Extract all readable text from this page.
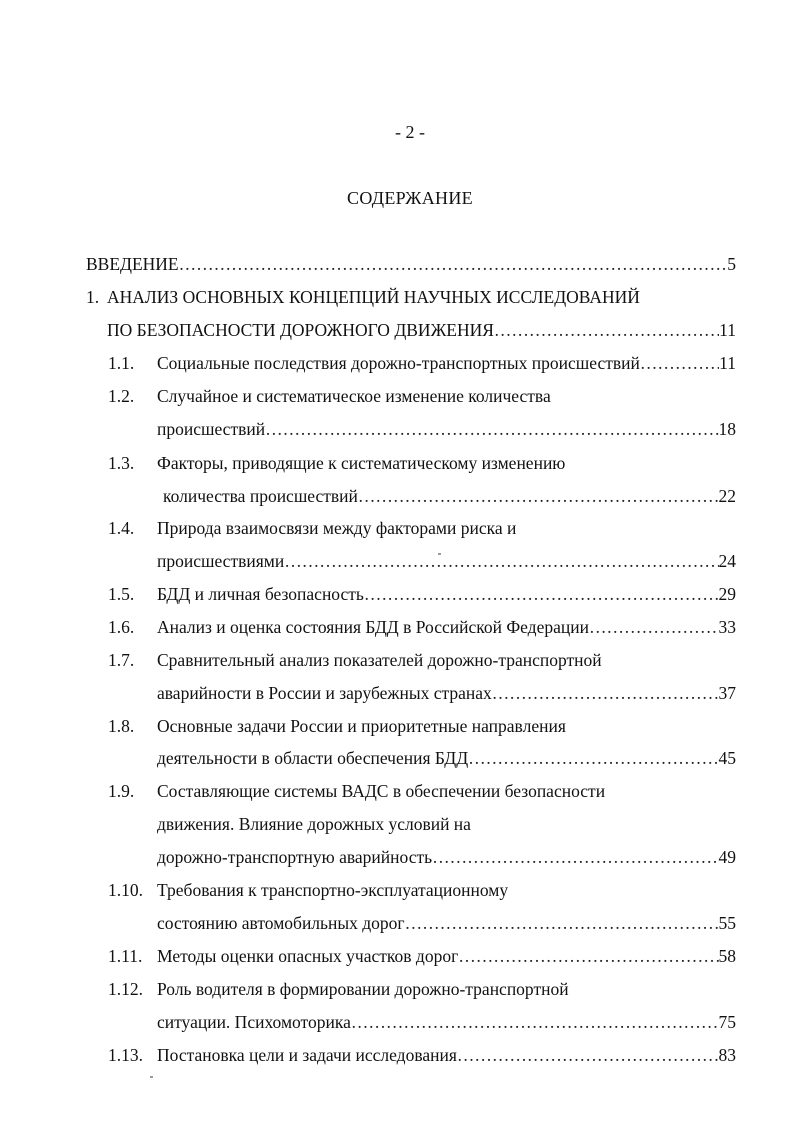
- 2 -
СОДЕРЖАНИЕ
ВВЕДЕНИЕ ……………………………………………………………………………………………………………………………………………………………………………………………	5
1. АНАЛИЗ ОСНОВНЫХ КОНЦЕПЦИЙ НАУЧНЫХ ИССЛЕДОВАНИЙ
ПО БЕЗОПАСНОСТИ ДОРОЖНОГО ДВИЖЕНИЯ ……………………………………………………………………………………………………………………………………………………………………………………………	11
1.1. Социальные последствия дорожно-транспортных происшествий ……………………………………………………………………………………………………………………………………………………………………………………………	11
1.2. Случайное и систематическое изменение количества
происшествий ……………………………………………………………………………………………………………………………………………………………………………………………	18
1.3. Факторы, приводящие к систематическому изменению
количества происшествий ……………………………………………………………………………………………………………………………………………………………………………………………	22
1.4. Природа взаимосвязи между факторами риска и
происшествиями ……………………………………………………………………………………………………………………………………………………………………………………………	24
1.5. БДД и личная безопасность ……………………………………………………………………………………………………………………………………………………………………………………………	29
1.6. Анализ и оценка состояния БДД в Российской Федерации ……………………………………………………………………………………………………………………………………………………………………………………………	33
1.7. Сравнительный анализ показателей дорожно-транспортной
аварийности в России и зарубежных странах ……………………………………………………………………………………………………………………………………………………………………………………………	37
1.8. Основные задачи России и приоритетные направления
деятельности в области обеспечения БДД ……………………………………………………………………………………………………………………………………………………………………………………………	45
1.9. Составляющие системы ВАДС в обеспечении безопасности
движения. Влияние дорожных условий на
дорожно-транспортную аварийность ……………………………………………………………………………………………………………………………………………………………………………………………	49
1.10. Требования к транспортно-эксплуатационному
состоянию автомобильных дорог ……………………………………………………………………………………………………………………………………………………………………………………………	55
1.11. Методы оценки опасных участков дорог ……………………………………………………………………………………………………………………………………………………………………………………………	58
1.12. Роль водителя в формировании дорожно-транспортной
ситуации. Психомоторика ……………………………………………………………………………………………………………………………………………………………………………………………	75
1.13. Постановка цели и задачи исследования ……………………………………………………………………………………………………………………………………………………………………………………………	83
